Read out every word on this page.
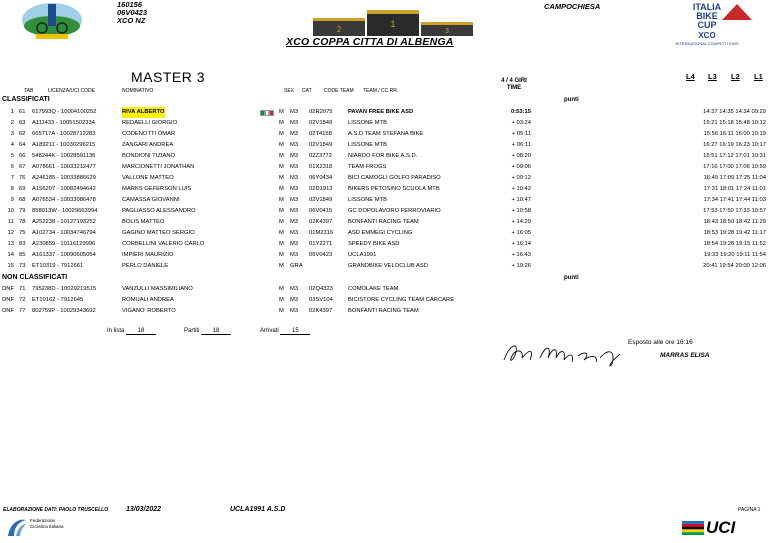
160156
06V0423
XCO NZ
2
1
3
XCO COPPA CITTA DI ALBENGA
CAMPOCHIESA	ITALIA
BIKE
CUP
XCO
INTERNATIONAL COMPETITIONS
MASTER 3	4 / 4 GIRI
TIME
L4 L3 L2 L1
TAB	LICENZA/UCI CODE	NOMINATIVO	SEX CAT CODE TEAM TEAM / CC.RR.
CLASSIFICATI	punti
1 61 617993Q - 10004100252	RIVA ALBERTO	M M3 02R2075	PAVAN FREE BIKE ASD	0:53:15	14:37 14:35 14:34 09:29
2 63 A111433 - 10051502334	REDAELLI GIORGIO	M M3 02V1849	LISSONE MTB	+ 03:24	15:21 15:18 15:48 10:12
3 62 665717A - 10028712283	CODENOTTI OMAR	M M3 02T4158	A.S.D TEAM STEFANA BIKE	+ 05:11	15:56 16:11 16:00 10:19
4 64 A189211 - 10030296215	ZANGARI ANDREA	M M3 02V1849	LISSONE MTB	+ 06:11	16:27 16:19 16:23 10:17
5 66 548244K - 10028591136	BONDIONI TIZIANO	M M3 02Z3772	NIARDO FOR BIKE A.S.D.	+ 08:20	16:51 17:12 17:01 10:31
6 67 A078661 - 10033212477	MARCIONETTI JONATHAN	M M3 01X2318	TEAM FROGS	+ 09:06	17:16 17:00 17:06 10:59
7 76 A246185 - 10033886629	VALLONE MATTEO	M M3 06Y0434	BICI CAMOGLI GOLFO PARADISO	+ 09:12	16:49 17:09 17:25 11:04
8 69 A156207 - 10082494642	MARKS GEFERSON LUIS	M M3 02D1913	BIKERS PETOSINO SCUOLA MTB	+ 10:42	17:31 18:01 17:24 11:01
9 68 A076534 - 10033086478	CAMASSA GIOVANNI	M M3 02V1849	LISSONE MTB	+ 10:47	17:34 17:41 17:44 11:03
10 79 858013W - 10029663994	PAGLIASSO ALESSANDRO	M M3 06V0415	GC DOPOLAVORO FERROVIARIO	+ 10:58	17:53 17:50 17:33 10:57
11 78 A252238 - 10127193252	BOLIS MATTEO	M M3 02K4397	BONFANTI RACING TEAM	+ 14:29	18:43 18:50 18:42 11:29
12 75 A102734 - 10034746794	GAGINO MATTEO SERGIO	M M3 01M2316	ASD EMMEGI CYCLING	+ 16:05	18:53 19:28 19:42 11:17
13 83 A230859 - 10116129996	CORBELLINI VALERIO CARLO	M M3 01Y2271	SPEEDY BIKE ASD	+ 16:14	18:54 19:28 19:15 11:52
14 85 A161337 - 10090605054	IMPIERI MAURIZIO	M M3 06V0423	UCLA1991	+ 16:43	19:33 19:20 19:11 11:54
15 73 ET10319 - 7912661	PERLO DANIELE	M GRA	GRANDBIKE VELOCLUB ASD	+ 19:26	20:41 19:54 20:00 12:06
NON CLASSIFICATI	punti
DNF 71 795238D - 10029219515	VANZULLI MASSIMILIANO	M M3 02Q4323	COMOLAKE TEAM
DNF 72 ET10162 - 7912645	ROMUALI ANDREA	M M3 03SV104	BICISTORE CYCLING TEAM CARCARE
DNF 77 802759P - 10029343692	VIGANO' ROBERTO	M M3 02K4397	BONFANTI RACING TEAM
In lista 18	Partiti 18	Arrivati 15
Esposto alle ore 16:16
MARRAS ELISA
ELABORAZIONE DATI: PAOLO TRUSCELLO	13/03/2022	UCLA1991 A.S.D	PAGINA 1
Federazione Ciclistica Italiana	UCI
